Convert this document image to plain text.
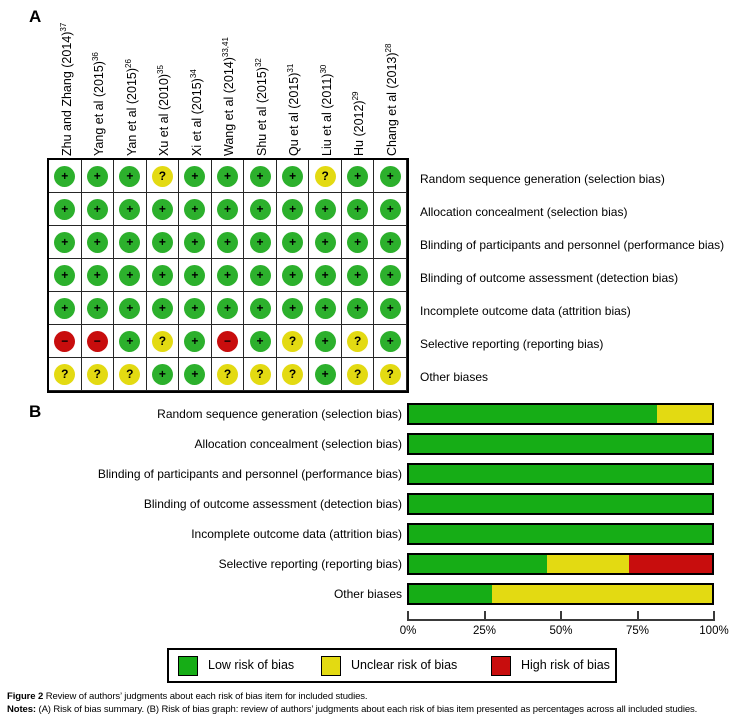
A
B
Zhu and Zhang $(2014)^{37}$
Yang et al $(2015)^{36}$
Yan et al $(2015)^{26}$
Xu et al $(2010)^{35}$
Xi et al $(2015)^{34}$	Wang et al $(2014)^{33,41}$
Shu et al $(2015)^{32}$
Qu et al $(2015)^{31}$
Liu et al $(2011)^{30}$
Hu $(2012)^{29}$	Chang et al $(2013)^{28}$
+	+	+	?	+	+	+	+	?	+	+
+	+	+	+	+	+	+	+	+	+	+
+	+	+	+	+	+	+	+	+	+	+
+	+	+	+	+	+	+	+	+	+	+
+	+	+	+	+	+	+	+	+	+	+
−	−	+	?	+	−	+	?	+	?	+
?	?	?	+	+	?	?	?	+	?	?
Random sequence generation (selection bias)
Allocation concealment (selection bias)
Blinding of participants and personnel (performance bias)
Blinding of outcome assessment (detection bias)
Incomplete outcome data (attrition bias)
Selective reporting (reporting bias)
Other biases
Random sequence generation (selection bias)
Allocation concealment (selection bias)
Blinding of participants and personnel (performance bias)
Blinding of outcome assessment (detection bias)
Incomplete outcome data (attrition bias)
Selective reporting (reporting bias)
Other biases
0%	25%	50%	75%	100%
Low risk of bias	Unclear risk of bias	High risk of bias
Figure 2 Review of authors’ judgments about each risk of bias item for included studies.
Notes: (A) Risk of bias summary. (B) Risk of bias graph: review of authors’ judgments about each risk of bias item presented as percentages across all included studies.
